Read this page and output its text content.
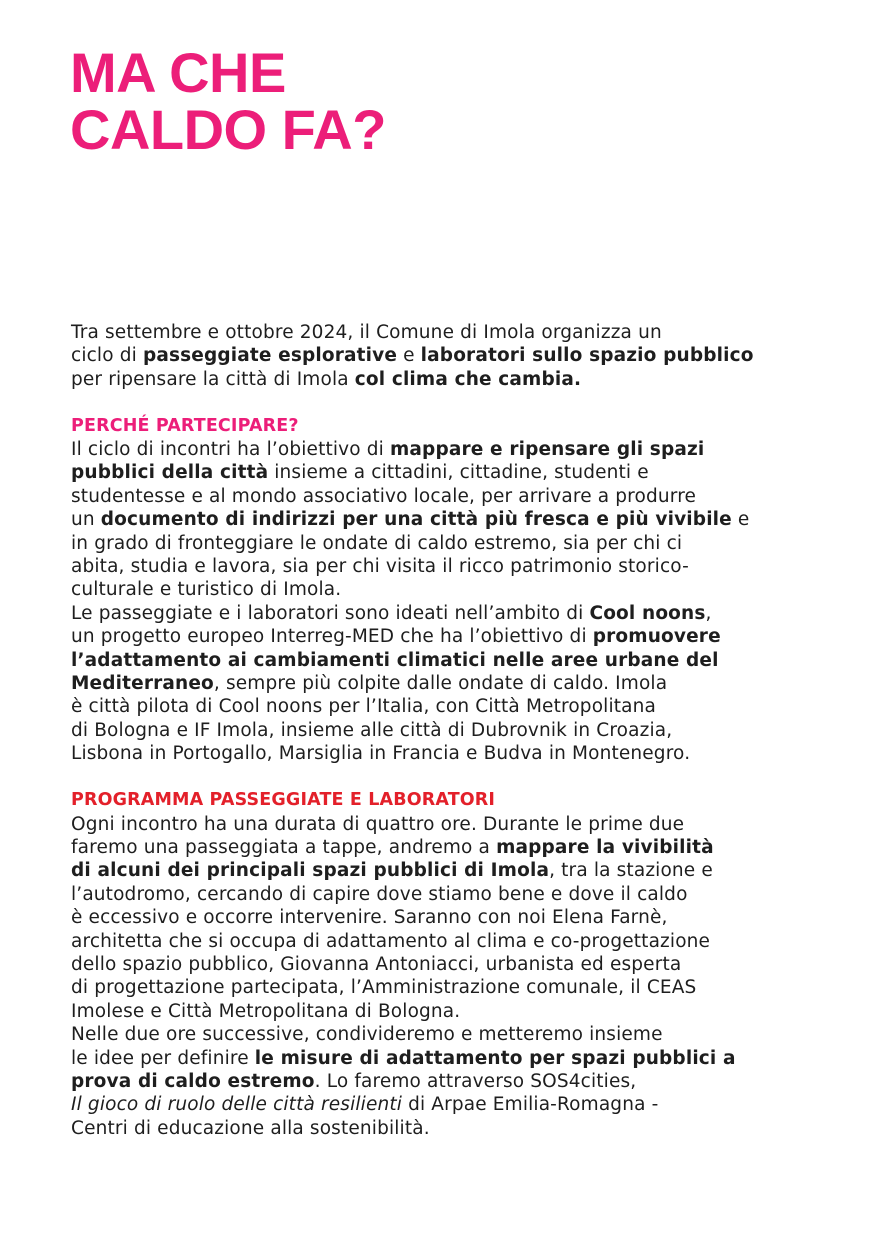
MA CHE
CALDO FA?
Tra settembre e ottobre 2024, il Comune di Imola organizza un
ciclo di passeggiate esplorative e laboratori sullo spazio pubblico
per ripensare la città di Imola col clima che cambia.
PERCHÉ PARTECIPARE?
Il ciclo di incontri ha l’obiettivo di mappare e ripensare gli spazi
pubblici della città insieme a cittadini, cittadine, studenti e
studentesse e al mondo associativo locale, per arrivare a produrre
un documento di indirizzi per una città più fresca e più vivibile e
in grado di fronteggiare le ondate di caldo estremo, sia per chi ci
abita, studia e lavora, sia per chi visita il ricco patrimonio storico-
culturale e turistico di Imola.
Le passeggiate e i laboratori sono ideati nell’ambito di Cool noons,
un progetto europeo Interreg-MED che ha l’obiettivo di promuovere
l’adattamento ai cambiamenti climatici nelle aree urbane del
Mediterraneo, sempre più colpite dalle ondate di caldo. Imola
è città pilota di Cool noons per l’Italia, con Città Metropolitana
di Bologna e IF Imola, insieme alle città di Dubrovnik in Croazia,
Lisbona in Portogallo, Marsiglia in Francia e Budva in Montenegro.
PROGRAMMA PASSEGGIATE E LABORATORI
Ogni incontro ha una durata di quattro ore. Durante le prime due
faremo una passeggiata a tappe, andremo a mappare la vivibilità
di alcuni dei principali spazi pubblici di Imola, tra la stazione e
l’autodromo, cercando di capire dove stiamo bene e dove il caldo
è eccessivo e occorre intervenire. Saranno con noi Elena Farnè,
architetta che si occupa di adattamento al clima e co-progettazione
dello spazio pubblico, Giovanna Antoniacci, urbanista ed esperta
di progettazione partecipata, l’Amministrazione comunale, il CEAS
Imolese e Città Metropolitana di Bologna.
Nelle due ore successive, condivideremo e metteremo insieme
le idee per definire le misure di adattamento per spazi pubblici a
prova di caldo estremo. Lo faremo attraverso SOS4cities,
Il gioco di ruolo delle città resilienti di Arpae Emilia-Romagna -
Centri di educazione alla sostenibilità.
